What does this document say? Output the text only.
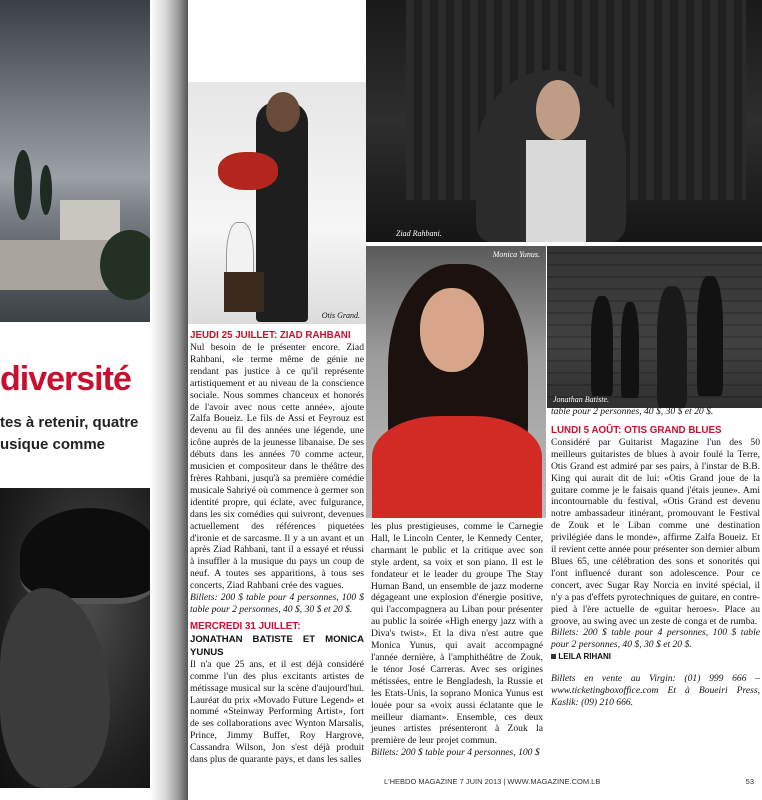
diversité
tes à retenir, quatre
usique comme
Otis Grand.
Ziad Rahbani.
Monica Yunus.
Jonathan Batiste.
JEUDI 25 JUILLET: ZIAD RAHBANI

Nul besoin de le présenter encore. Ziad Rahbani, «le terme même de génie ne rendant pas justice à ce qu'il représente artistiquement et au niveau de la conscience sociale. Nous sommes chanceux et honorés de l'avoir avec nous cette année», ajoute Zalfa Boueiz. Le fils de Assi et Feyrouz est devenu au fil des années une légende, une icône auprès de la jeunesse libanaise. De ses débuts dans les années 70 comme acteur, musicien et compositeur dans le théâtre des frères Rahbani, jusqu'à sa première comédie musicale Sahriyé où commence à germer son identité propre, qui éclate, avec fulgurance, dans les six comédies qui suivront, devenues actuellement des références piquetées d'ironie et de sarcasme. Il y a un avant et un après Ziad Rahbani, tant il a essayé et réussi à insuffler à la musique du pays un coup de neuf. A toutes ses apparitions, à tous ses concerts, Ziad Rahbani crée des vagues.

Billets: 200 $ table pour 4 personnes, 100 $ table pour 2 personnes, 40 $, 30 $ et 20 $.

MERCREDI 31 JUILLET:
JONATHAN BATISTE ET MONICA YUNUS

Il n'a que 25 ans, et il est déjà considéré comme l'un des plus excitants artistes de métissage musical sur la scène d'aujourd'hui. Lauréat du prix «Movado Future Legend» et nommé «Steinway Performing Artist», fort de ses collaborations avec Wynton Marsalis, Prince, Jimmy Buffet, Roy Hargrove, Cassandra Wilson, Jon s'est déjà produit dans plus de quarante pays, et dans les salles

les plus prestigieuses, comme le Carnegie Hall, le Lincoln Center, le Kennedy Center, charmant le public et la critique avec son style ardent, sa voix et son piano. Il est le fondateur et le leader du groupe The Stay Human Band, un ensemble de jazz moderne dégageant une explosion d'énergie positive, qui l'accompagnera au Liban pour présenter au public la soirée «High energy jazz with a Diva's twist». Et la diva n'est autre que Monica Yunus, qui avait accompagné l'année dernière, à l'amphithéâtre de Zouk, le ténor José Carreras. Avec ses origines métissées, entre le Bengladesh, la Russie et les Etats-Unis, la soprano Monica Yunus est louée pour sa «voix aussi éclatante que le meilleur diamant». Ensemble, ces deux jeunes artistes présenteront à Zouk la première de leur projet commun.

Billets: 200 $ table pour 4 personnes, 100 $

table pour 2 personnes, 40 $, 30 $ et 20 $.

LUNDI 5 AOÛT: OTIS GRAND BLUES

Considéré par Guitarist Magazine l'un des 50 meilleurs guitaristes de blues à avoir foulé la Terre, Otis Grand est admiré par ses pairs, à l'instar de B.B. King qui aurait dit de lui: «Otis Grand joue de la guitare comme je le faisais quand j'étais jeune». Ami incontournable du festival, «Otis Grand est devenu notre ambassadeur itinérant, promouvant le Festival de Zouk et le Liban comme une destination privilégiée dans le monde», affirme Zalfa Boueiz. Et il revient cette année pour présenter son dernier album Blues 65, une célébration des sons et sonorités qui l'ont influencé durant son adolescence. Pour ce concert, avec Sugar Ray Norcia en invité spécial, il n'y a pas d'effets pyrotechniques de guitare, en contre-pied à l'ère actuelle de «guitar heroes». Place au groove, au swing avec un zeste de conga et de rumba.

Billets: 200 $ table pour 4 personnes, 100 $ table pour 2 personnes, 40 $, 30 $ et 20 $.

LEILA RIHANI

Billets en vente au Virgin: (01) 999 666 – www.ticketingboxoffice.com Et à Boueiri Press, Kaslik: (09) 210 666.

L'HEBDO MAGAZINE 7 JUIN 2013 | WWW.MAGAZINE.COM.LB	53
